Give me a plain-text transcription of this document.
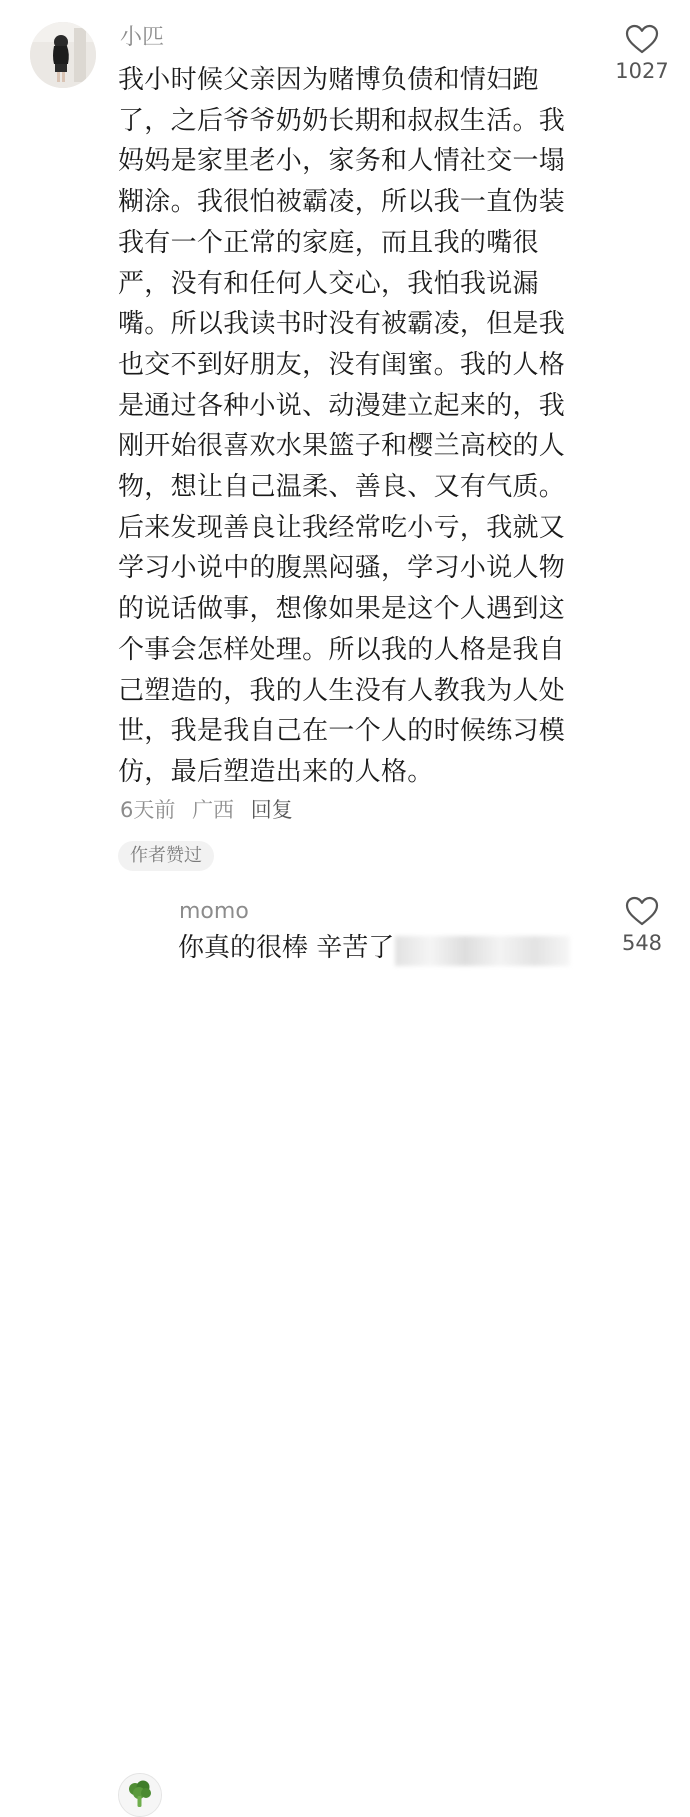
小匹

我小时候父亲因为赌博负债和情妇跑了，之后爷爷奶奶长期和叔叔生活。我妈妈是家里老小，家务和人情社交一塌糊涂。我很怕被霸凌，所以我一直伪装我有一个正常的家庭，而且我的嘴很严，没有和任何人交心，我怕我说漏嘴。所以我读书时没有被霸凌，但是我也交不到好朋友，没有闺蜜。我的人格是通过各种小说、动漫建立起来的，我刚开始很喜欢水果篮子和樱兰高校的人物，想让自己温柔、善良、又有气质。后来发现善良让我经常吃小亏，我就又学习小说中的腹黑闷骚，学习小说人物的说话做事，想像如果是这个人遇到这个事会怎样处理。所以我的人格是我自己塑造的，我的人生没有人教我为人处世，我是我自己在一个人的时候练习模仿，最后塑造出来的人格。

6天前 广西 回复
作者赞过
1027
momo
你真的很棒 辛苦了	548
